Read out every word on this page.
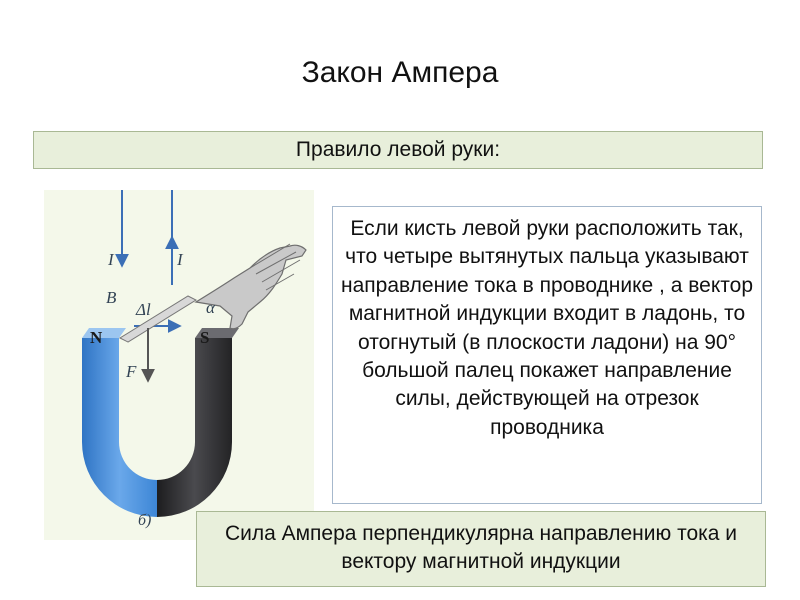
Закон Ампера
Правило левой руки:
I	I
B
Δl	α
N	S
F
б)
Если кисть левой руки расположить так, что четыре вытянутых пальца указывают направление тока в проводнике , а вектор магнитной индукции входит в ладонь, то отогнутый (в плоскости ладони) на 90° большой палец покажет направление силы, действующей на отрезок проводника
Сила Ампера перпендикулярна направлению тока и вектору магнитной индукции
